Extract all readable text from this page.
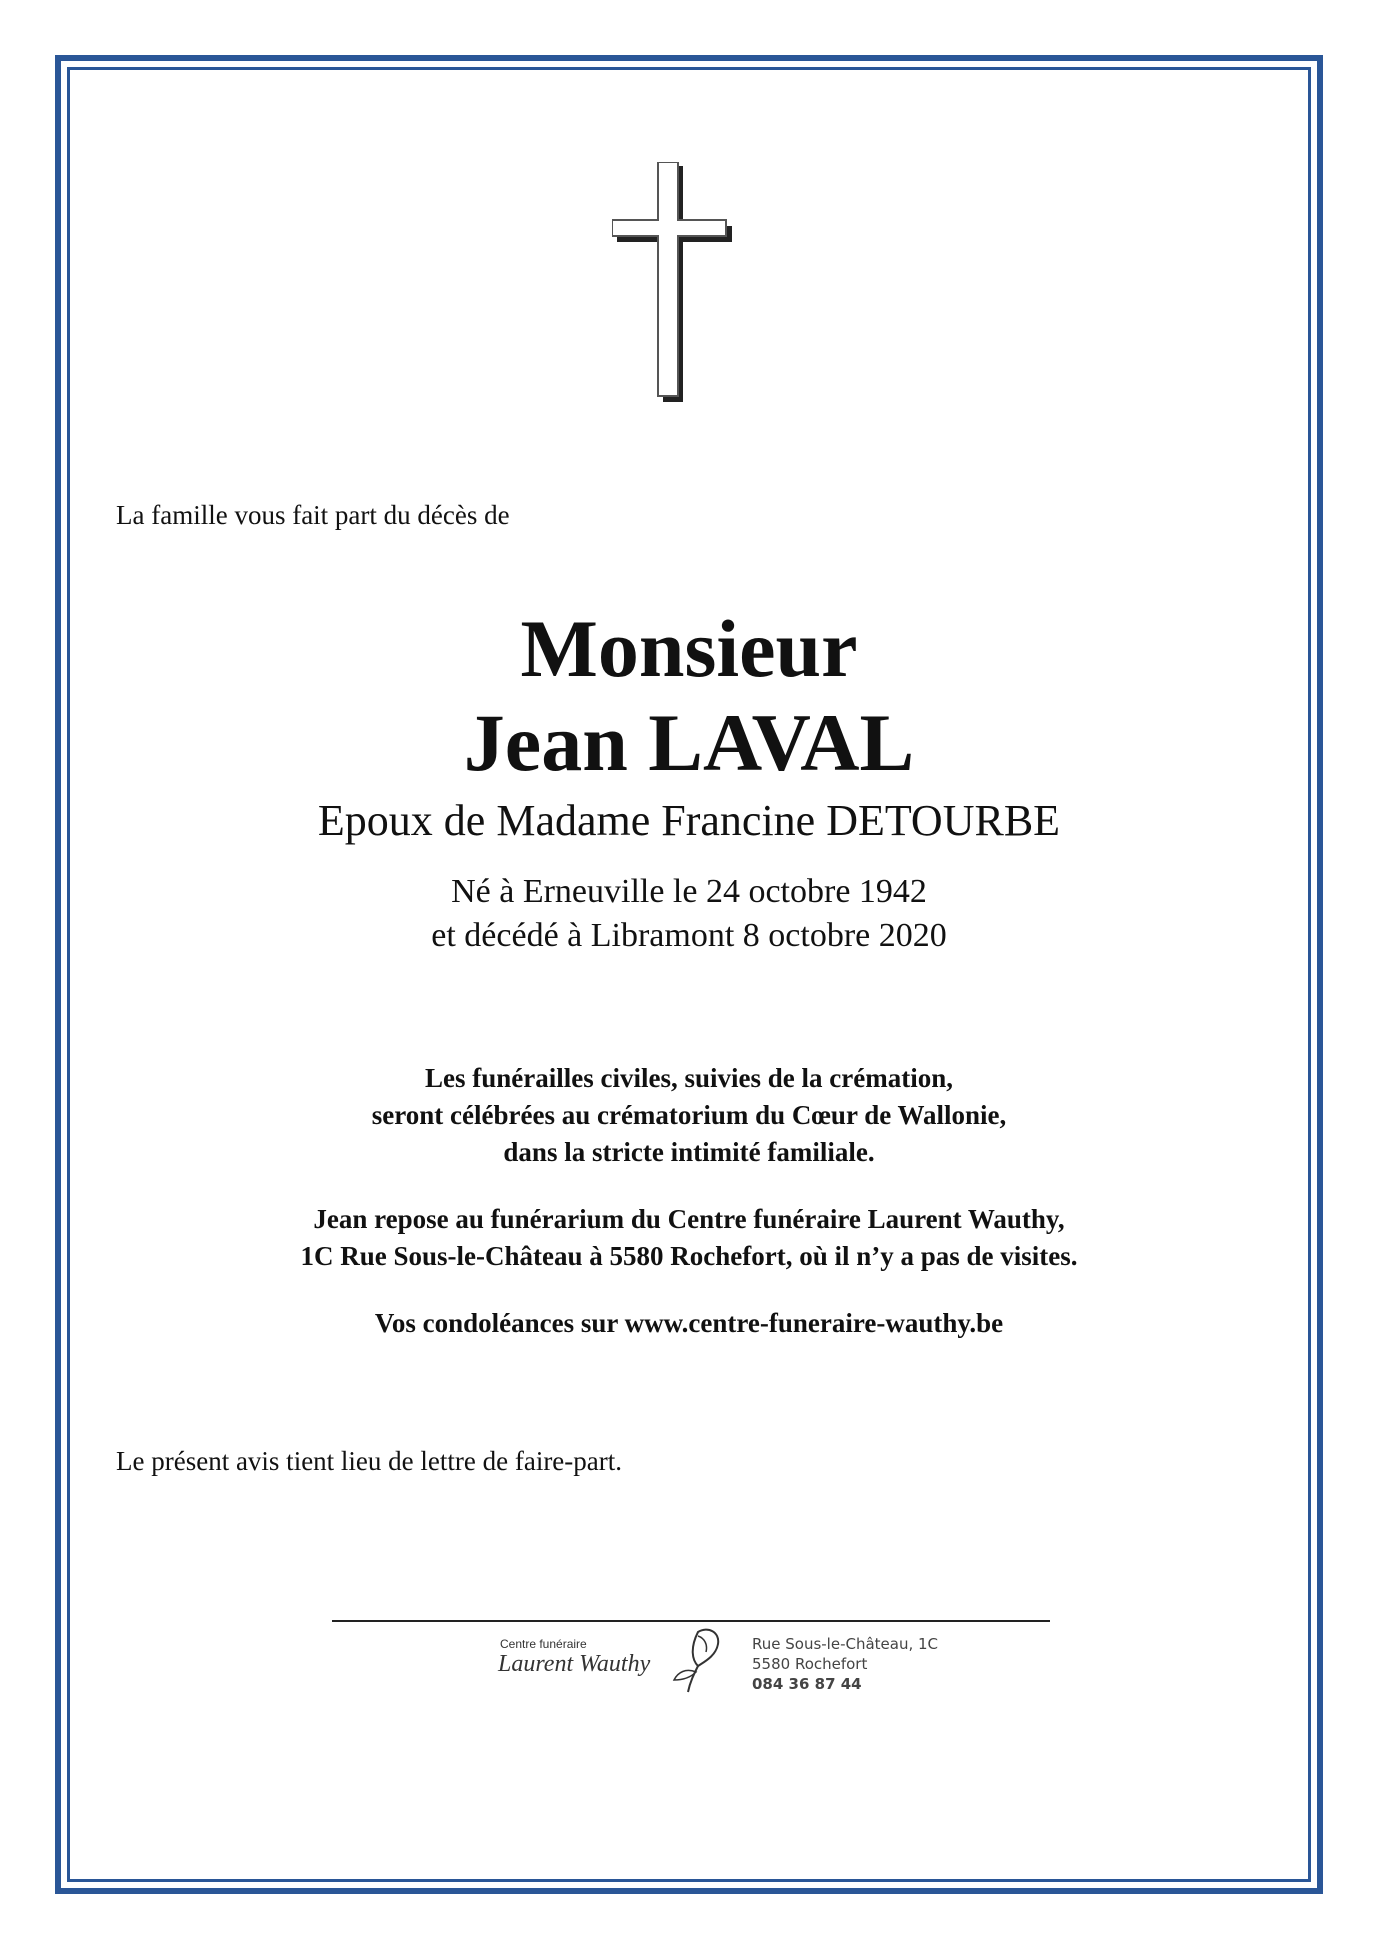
La famille vous fait part du décès de
Monsieur
Jean LAVAL
Epoux de Madame Francine DETOURBE
Né à Erneuville le 24 octobre 1942
et décédé à Libramont 8 octobre 2020
Les funérailles civiles, suivies de la crémation,
seront célébrées au crématorium du Cœur de Wallonie,
dans la stricte intimité familiale.
Jean repose au funérarium du Centre funéraire Laurent Wauthy,
1C Rue Sous-le-Château à 5580 Rochefort, où il n’y a pas de visites.
Vos condoléances sur www.centre-funeraire-wauthy.be
Le présent avis tient lieu de lettre de faire-part.
Centre funéraire
Laurent Wauthy
Rue Sous-le-Château, 1C
5580 Rochefort
084 36 87 44
